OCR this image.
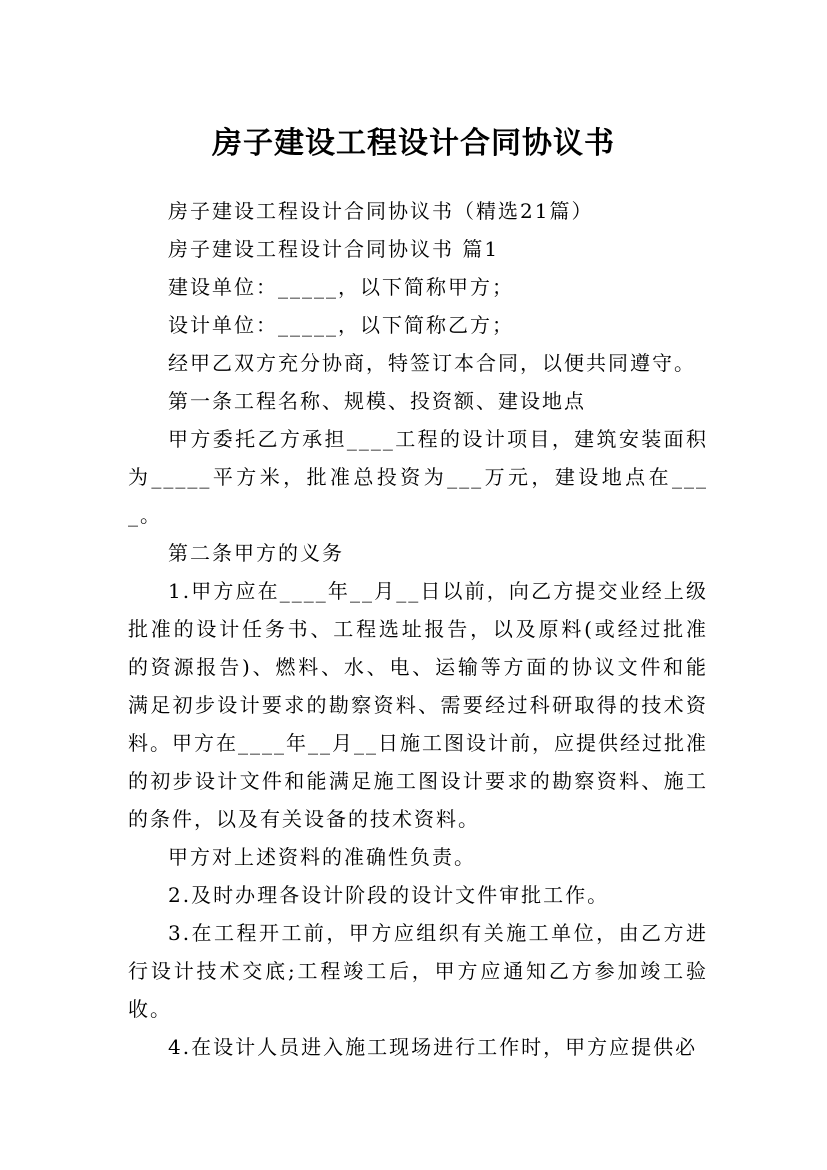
房子建设工程设计合同协议书

房子建设工程设计合同协议书（精选21篇）

房子建设工程设计合同协议书 篇1

建设单位：_____，以下简称甲方；

设计单位：_____，以下简称乙方；

经甲乙双方充分协商，特签订本合同，以便共同遵守。

第一条工程名称、规模、投资额、建设地点

甲方委托乙方承担____工程的设计项目，建筑安装面积为_____平方米，批准总投资为___万元，建设地点在____。

第二条甲方的义务

1.甲方应在____年__月__日以前，向乙方提交业经上级批准的设计任务书、工程选址报告，以及原料(或经过批准的资源报告)、燃料、水、电、运输等方面的协议文件和能满足初步设计要求的勘察资料、需要经过科研取得的技术资料。甲方在____年__月__日施工图设计前，应提供经过批准的初步设计文件和能满足施工图设计要求的勘察资料、施工的条件，以及有关设备的技术资料。

甲方对上述资料的准确性负责。

2.及时办理各设计阶段的设计文件审批工作。

3.在工程开工前，甲方应组织有关施工单位，由乙方进行设计技术交底;工程竣工后，甲方应通知乙方参加竣工验收。

4.在设计人员进入施工现场进行工作时，甲方应提供必
